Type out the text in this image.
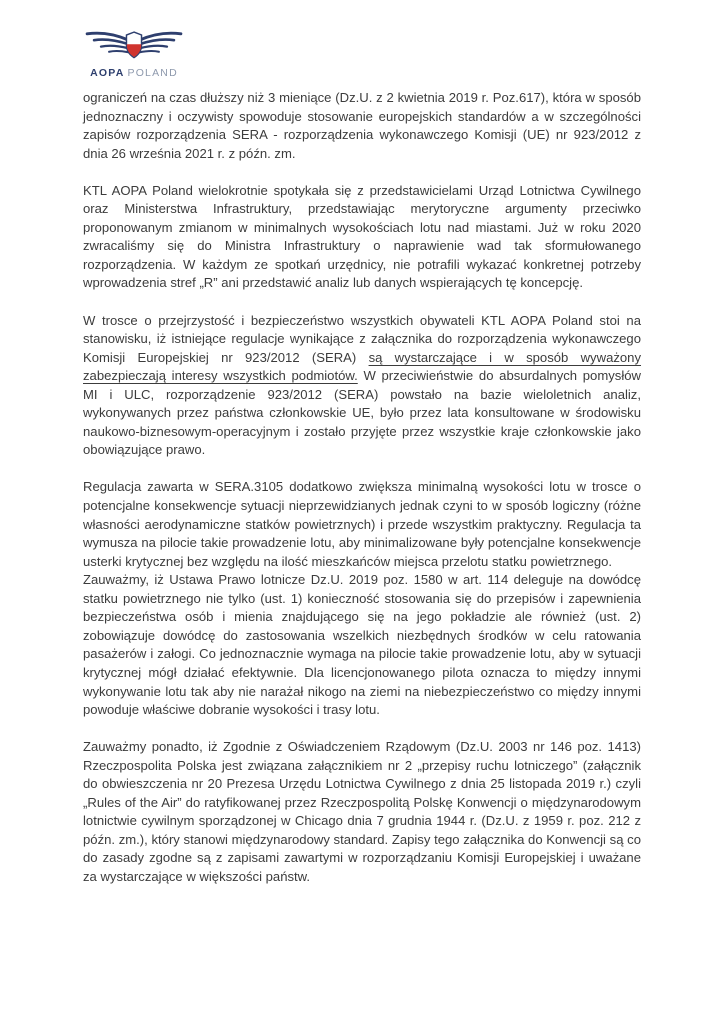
AOPA POLAND

ograniczeń na czas dłuższy niż 3 mieniące (Dz.U. z 2 kwietnia 2019 r. Poz.617), która w sposób jednoznaczny i oczywisty spowoduje stosowanie europejskich standardów a w szczególności zapisów rozporządzenia SERA - rozporządzenia wykonawczego Komisji (UE) nr 923/2012 z dnia 26 września 2021 r. z późn. zm.

KTL AOPA Poland wielokrotnie spotykała się z przedstawicielami Urząd Lotnictwa Cywilnego oraz Ministerstwa Infrastruktury, przedstawiając merytoryczne argumenty przeciwko proponowanym zmianom w minimalnych wysokościach lotu nad miastami. Już w roku 2020 zwracaliśmy się do Ministra Infrastruktury o naprawienie wad tak sformułowanego rozporządzenia. W każdym ze spotkań urzędnicy, nie potrafili wykazać konkretnej potrzeby wprowadzenia stref „R” ani przedstawić analiz lub danych wspierających tę koncepcję.

W trosce o przejrzystość i bezpieczeństwo wszystkich obywateli KTL AOPA Poland stoi na stanowisku, iż istniejące regulacje wynikające z załącznika do rozporządzenia wykonawczego Komisji Europejskiej nr 923/2012 (SERA) są wystarczające i w sposób wyważony zabezpieczają interesy wszystkich podmiotów. W przeciwieństwie do absurdalnych pomysłów MI i ULC, rozporządzenie 923/2012 (SERA) powstało na bazie wieloletnich analiz, wykonywanych przez państwa członkowskie UE, było przez lata konsultowane w środowisku naukowo-biznesowym-operacyjnym i zostało przyjęte przez wszystkie kraje członkowskie jako obowiązujące prawo.

Regulacja zawarta w SERA.3105 dodatkowo zwiększa minimalną wysokości lotu w trosce o potencjalne konsekwencje sytuacji nieprzewidzianych jednak czyni to w sposób logiczny (różne własności aerodynamiczne statków powietrznych) i przede wszystkim praktyczny. Regulacja ta wymusza na pilocie takie prowadzenie lotu, aby minimalizowane były potencjalne konsekwencje usterki krytycznej bez względu na ilość mieszkańców miejsca przelotu statku powietrznego.

Zauważmy, iż Ustawa Prawo lotnicze Dz.U. 2019 poz. 1580 w art. 114 deleguje na dowódcę statku powietrznego nie tylko (ust. 1) konieczność stosowania się do przepisów i zapewnienia bezpieczeństwa osób i mienia znajdującego się na jego pokładzie ale również (ust. 2) zobowiązuje dowódcę do zastosowania wszelkich niezbędnych środków w celu ratowania pasażerów i załogi. Co jednoznacznie wymaga na pilocie takie prowadzenie lotu, aby w sytuacji krytycznej mógł działać efektywnie. Dla licencjonowanego pilota oznacza to między innymi wykonywanie lotu tak aby nie narażał nikogo na ziemi na niebezpieczeństwo co między innymi powoduje właściwe dobranie wysokości i trasy lotu.

Zauważmy ponadto, iż Zgodnie z Oświadczeniem Rządowym (Dz.U. 2003 nr 146 poz. 1413) Rzeczpospolita Polska jest związana załącznikiem nr 2 „przepisy ruchu lotniczego” (załącznik do obwieszczenia nr 20 Prezesa Urzędu Lotnictwa Cywilnego z dnia 25 listopada 2019 r.) czyli „Rules of the Air” do ratyfikowanej przez Rzeczpospolitą Polskę Konwencji o międzynarodowym lotnictwie cywilnym sporządzonej w Chicago dnia 7 grudnia 1944 r. (Dz.U. z 1959 r. poz. 212 z późn. zm.), który stanowi międzynarodowy standard. Zapisy tego załącznika do Konwencji są co do zasady zgodne są z zapisami zawartymi w rozporządzaniu Komisji Europejskiej i uważane za wystarczające w większości państw.
